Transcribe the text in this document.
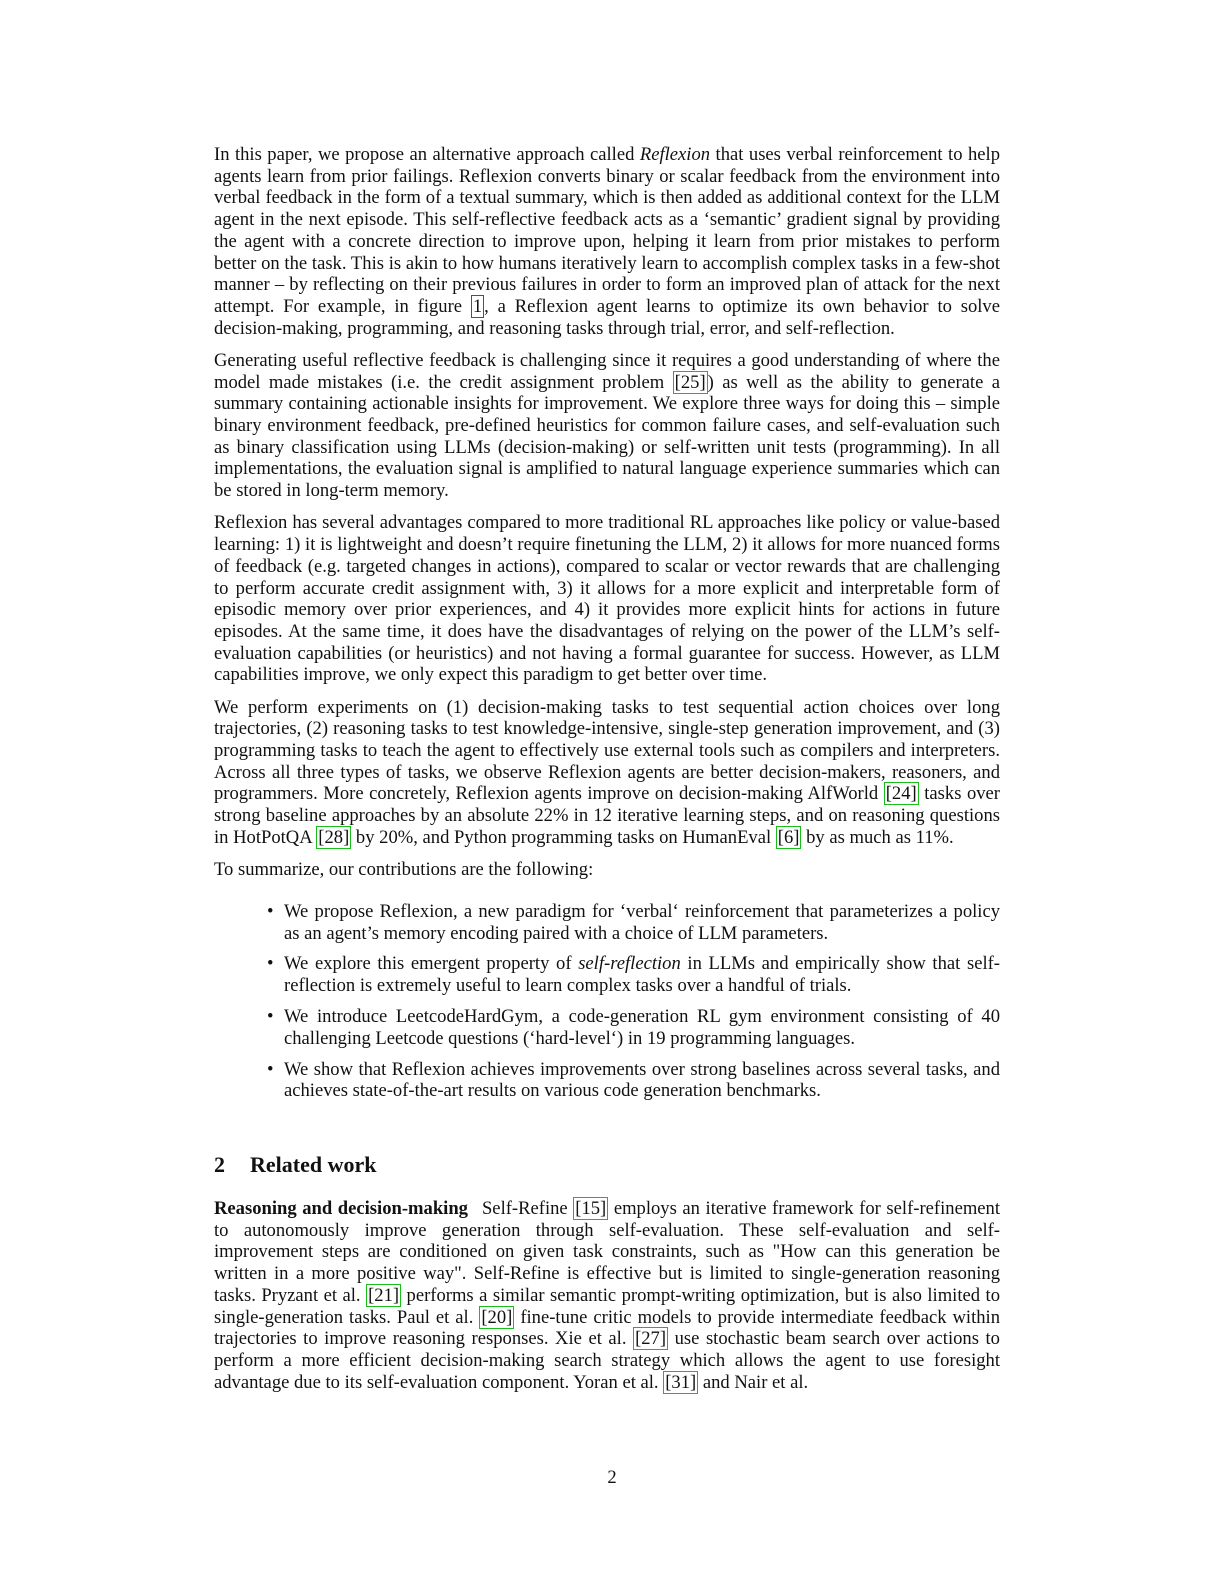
In this paper, we propose an alternative approach called Reflexion that uses verbal reinforcement to help agents learn from prior failings. Reflexion converts binary or scalar feedback from the environment into verbal feedback in the form of a textual summary, which is then added as additional context for the LLM agent in the next episode. This self-reflective feedback acts as a ‘semantic’ gradient signal by providing the agent with a concrete direction to improve upon, helping it learn from prior mistakes to perform better on the task. This is akin to how humans iteratively learn to accomplish complex tasks in a few-shot manner – by reflecting on their previous failures in order to form an improved plan of attack for the next attempt. For example, in figure 1 , a Reflexion agent learns to optimize its own behavior to solve decision-making, programming, and reasoning tasks through trial, error, and self-reflection.

Generating useful reflective feedback is challenging since it requires a good understanding of where the model made mistakes (i.e. the credit assignment problem [25] ) as well as the ability to generate a summary containing actionable insights for improvement. We explore three ways for doing this – simple binary environment feedback, pre-defined heuristics for common failure cases, and self-evaluation such as binary classification using LLMs (decision-making) or self-written unit tests (programming). In all implementations, the evaluation signal is amplified to natural language experience summaries which can be stored in long-term memory.

Reflexion has several advantages compared to more traditional RL approaches like policy or value-based learning: 1) it is lightweight and doesn’t require finetuning the LLM, 2) it allows for more nuanced forms of feedback (e.g. targeted changes in actions), compared to scalar or vector rewards that are challenging to perform accurate credit assignment with, 3) it allows for a more explicit and interpretable form of episodic memory over prior experiences, and 4) it provides more explicit hints for actions in future episodes. At the same time, it does have the disadvantages of relying on the power of the LLM’s self-evaluation capabilities (or heuristics) and not having a formal guarantee for success. However, as LLM capabilities improve, we only expect this paradigm to get better over time.

We perform experiments on (1) decision-making tasks to test sequential action choices over long trajectories, (2) reasoning tasks to test knowledge-intensive, single-step generation improvement, and (3) programming tasks to teach the agent to effectively use external tools such as compilers and interpreters. Across all three types of tasks, we observe Reflexion agents are better decision-makers, reasoners, and programmers. More concretely, Reflexion agents improve on decision-making AlfWorld [24] tasks over strong baseline approaches by an absolute 22% in 12 iterative learning steps, and on reasoning questions in HotPotQA [28] by 20%, and Python programming tasks on HumanEval [6] by as much as 11%.

To summarize, our contributions are the following:

• We propose Reflexion, a new paradigm for ‘verbal‘ reinforcement that parameterizes a policy as an agent’s memory encoding paired with a choice of LLM parameters.
• We explore this emergent property of self-reflection in LLMs and empirically show that self-reflection is extremely useful to learn complex tasks over a handful of trials.
• We introduce LeetcodeHardGym, a code-generation RL gym environment consisting of 40 challenging Leetcode questions (‘hard-level‘) in 19 programming languages.
• We show that Reflexion achieves improvements over strong baselines across several tasks, and achieves state-of-the-art results on various code generation benchmarks.
2 Related work

Reasoning and decision-making Self-Refine [15] employs an iterative framework for self-refinement to autonomously improve generation through self-evaluation. These self-evaluation and self-improvement steps are conditioned on given task constraints, such as "How can this generation be written in a more positive way". Self-Refine is effective but is limited to single-generation reasoning tasks. Pryzant et al. [21] performs a similar semantic prompt-writing optimization, but is also limited to single-generation tasks. Paul et al. [20] fine-tune critic models to provide intermediate feedback within trajectories to improve reasoning responses. Xie et al. [27] use stochastic beam search over actions to perform a more efficient decision-making search strategy which allows the agent to use foresight advantage due to its self-evaluation component. Yoran et al. [31] and Nair et al.

2
